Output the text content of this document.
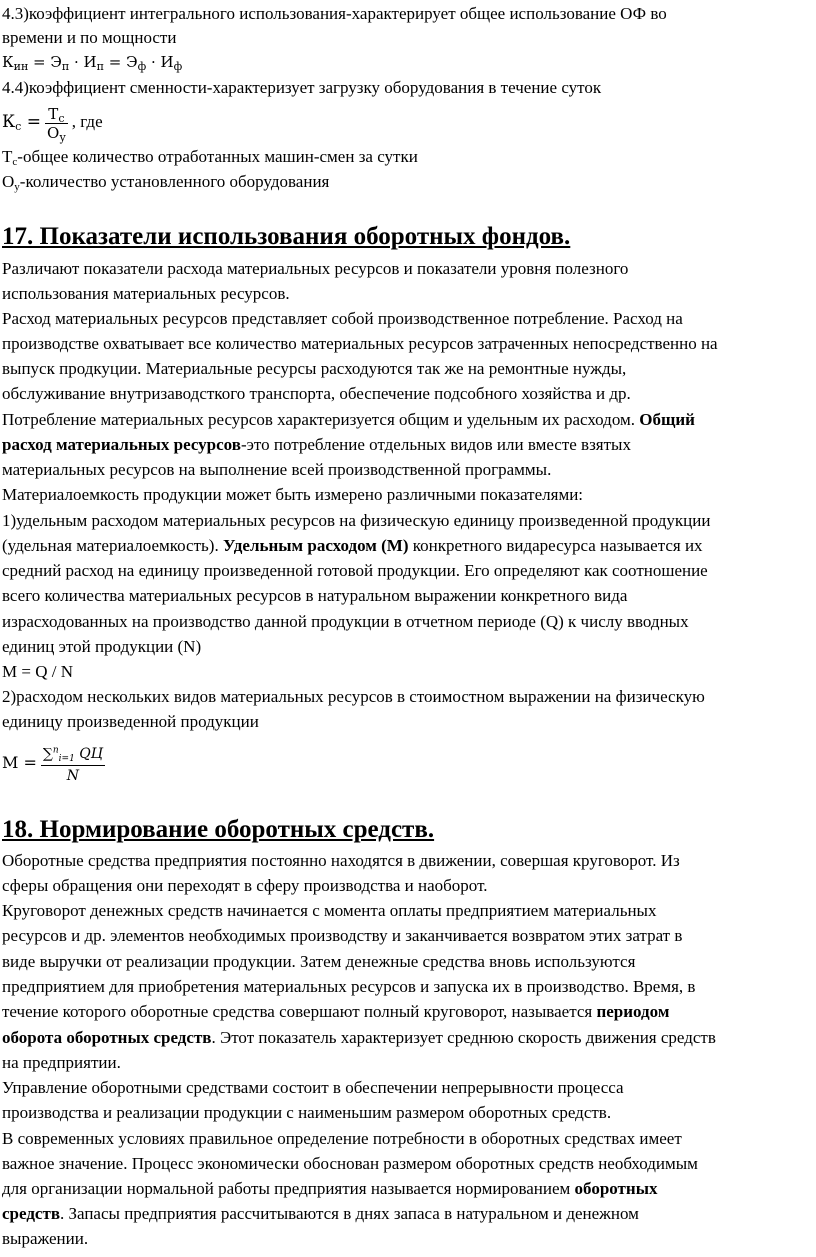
4.3)коэффициент интегрального использования-характерирует общее использование ОФ во
времени и по мощности
$К_{ин} = Э_п \cdot И_п = Э_ф \cdot И_ф$
4.4)коэффициент сменности-характеризует загрузку оборудования в течение суток
$К_с = \frac{Т_с}{О_у}$ , где
$Т_с$-общее количество отработанных машин-смен за сутки
$О_у$-количество установленного оборудования
17. Показатели использования оборотных фондов.
Различают показатели расхода материальных ресурсов и показатели уровня полезного
использования материальных ресурсов.
Расход материальных ресурсов представляет собой производственное потребление. Расход на
производстве охватывает все количество материальных ресурсов затраченных непосредственно на
выпуск продкуции. Материальные ресурсы расходуются так же на ремонтные нужды,
обслуживание внутризаводсткого транспорта, обеспечение подсобного хозяйства и др.
Потребление материальных ресурсов характеризуется общим и удельным их расходом. Общий
расход материальных ресурсов-это потребление отдельных видов или вместе взятых
материальных ресурсов на выполнение всей производственной программы.
Материалоемкость продукции может быть измерено различными показателями:
1)удельным расходом материальных ресурсов на физическую единицу произведенной продукции
(удельная материалоемкость). Удельным расходом (М) конкретного видаресурса называется их
средний расход на единицу произведенной готовой продукции. Его определяют как соотношение
всего количества материальных ресурсов в натуральном выражении конкретного вида
израсходованных на производство данной продукции в отчетном периоде (Q) к числу вводных
единиц этой продукции (N)
M = Q / N
2)расходом нескольких видов материальных ресурсов в стоимостном выражении на физическую
единицу произведенной продукции
$М = \frac{\sum^n_{i=1} QЦ}{N}$
18. Нормирование оборотных средств.
Оборотные средства предприятия постоянно находятся в движении, совершая круговорот. Из
сферы обращения они переходят в сферу производства и наоборот.
Круговорот денежных средств начинается с момента оплаты предприятием материальных
ресурсов и др. элементов необходимых производству и заканчивается возвратом этих затрат в
виде выручки от реализации продукции. Затем денежные средства вновь используются
предприятием для приобретения материальных ресурсов и запуска их в производство. Время, в
течение которого оборотные средства совершают полный круговорот, называется периодом
оборота оборотных средств. Этот показатель характеризует среднюю скорость движения средств
на предприятии.
Управление оборотными средствами состоит в обеспечении непрерывности процесса
производства и реализации продукции с наименьшим размером оборотных средств.
В современных условиях правильное определение потребности в оборотных средствах имеет
важное значение. Процесс экономически обоснован размером оборотных средств необходимым
для организации нормальной работы предприятия называется нормированием оборотных
средств. Запасы предприятия рассчитываются в днях запаса в натуральном и денежном
выражении.
